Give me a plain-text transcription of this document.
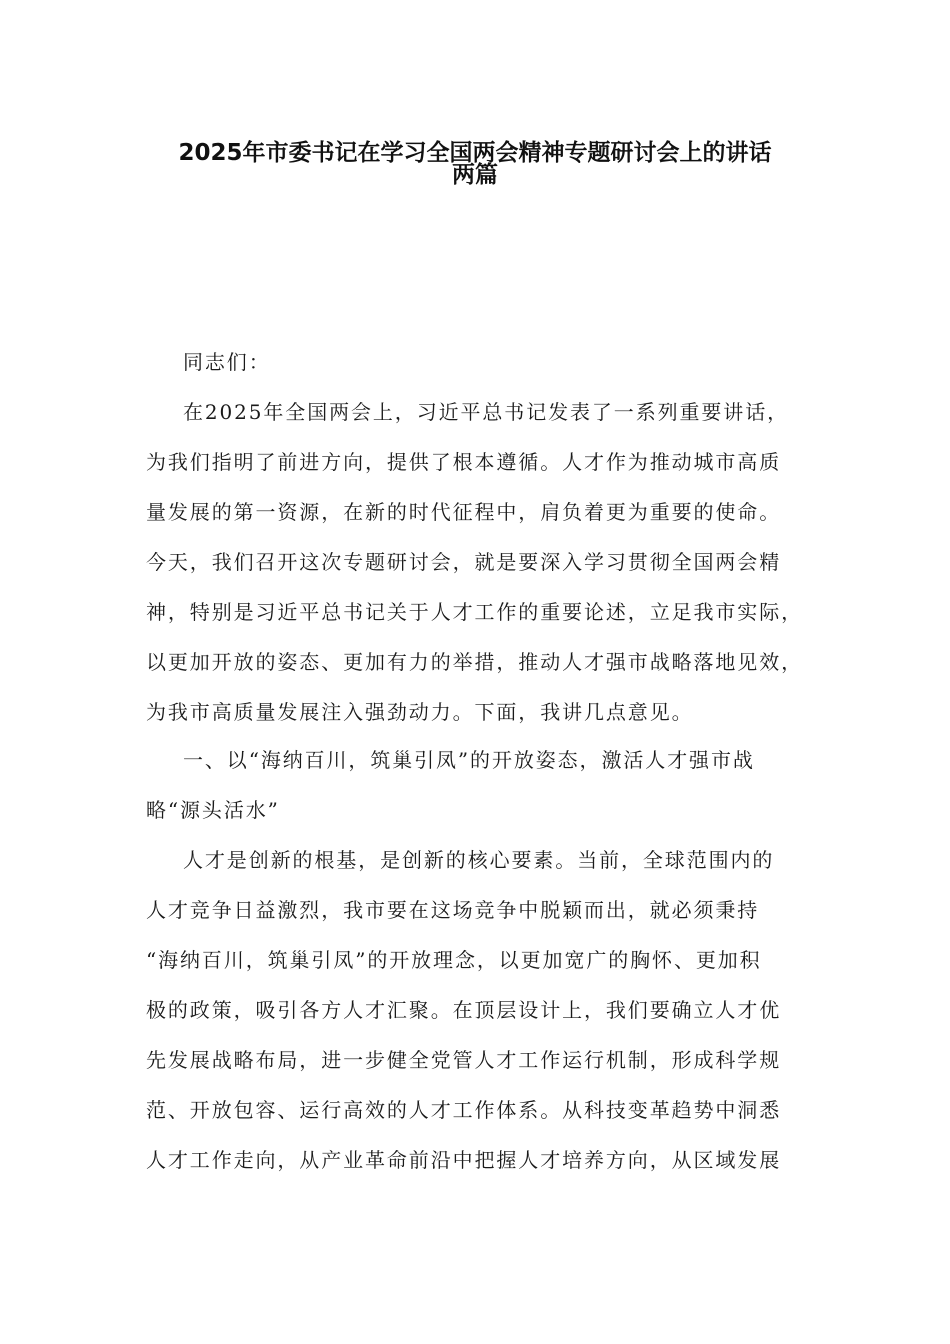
2025年市委书记在学习全国两会精神专题研讨会上的讲话
两篇

同志们：

在2025年全国两会上，习近平总书记发表了一系列重要讲话，

为我们指明了前进方向，提供了根本遵循。人才作为推动城市高质

量发展的第一资源，在新的时代征程中，肩负着更为重要的使命。

今天，我们召开这次专题研讨会，就是要深入学习贯彻全国两会精

神，特别是习近平总书记关于人才工作的重要论述，立足我市实际，

以更加开放的姿态、更加有力的举措，推动人才强市战略落地见效，

为我市高质量发展注入强劲动力。下面，我讲几点意见。

一、以“海纳百川，筑巢引凤”的开放姿态，激活人才强市战

略“源头活水”

人才是创新的根基，是创新的核心要素。当前，全球范围内的

人才竞争日益激烈，我市要在这场竞争中脱颖而出，就必须秉持

“海纳百川，筑巢引凤”的开放理念，以更加宽广的胸怀、更加积

极的政策，吸引各方人才汇聚。在顶层设计上，我们要确立人才优

先发展战略布局，进一步健全党管人才工作运行机制，形成科学规

范、开放包容、运行高效的人才工作体系。从科技变革趋势中洞悉

人才工作走向，从产业革命前沿中把握人才培养方向，从区域发展
